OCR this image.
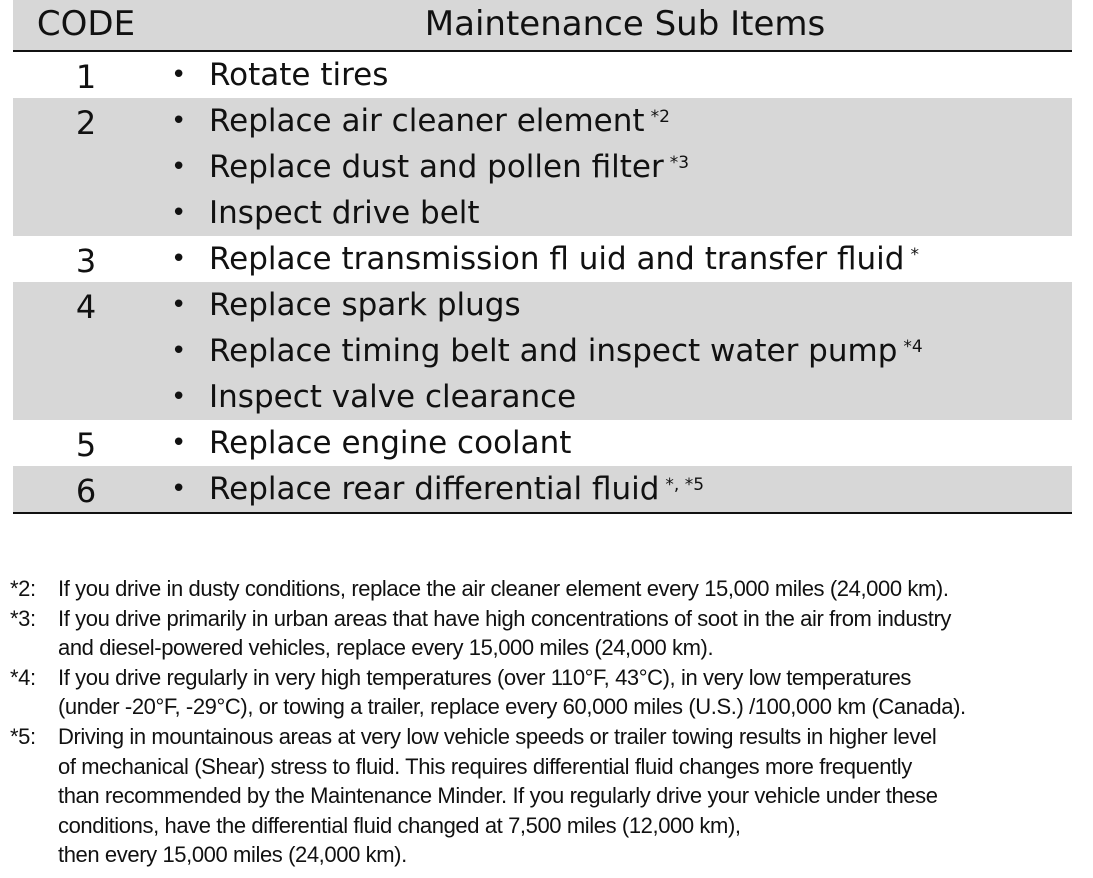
CODE	Maintenance Sub Items
1	• Rotate tires
2	• Replace air cleaner element $^{*2}$
• Replace dust and pollen filter $^{*3}$
• Inspect drive belt
3	• Replace transmission fl uid and transfer fluid *
4	• Replace spark plugs
• Replace timing belt and inspect water pump $^{*4}$
• Inspect valve clearance
5	• Replace engine coolant
6	• Replace rear differential fluid $^{*, *5}$
*2: If you drive in dusty conditions, replace the air cleaner element every 15,000 miles (24,000 km).

*3: If you drive primarily in urban areas that have high concentrations of soot in the air from industry

and diesel-powered vehicles, replace every 15,000 miles (24,000 km).

*4: If you drive regularly in very high temperatures (over 110°F, 43°C), in very low temperatures

(under -20°F, -29°C), or towing a trailer, replace every 60,000 miles (U.S.) /100,000 km (Canada).

*5: Driving in mountainous areas at very low vehicle speeds or trailer towing results in higher level

of mechanical (Shear) stress to fluid. This requires differential fluid changes more frequently

than recommended by the Maintenance Minder. If you regularly drive your vehicle under these

conditions, have the differential fluid changed at 7,500 miles (12,000 km),

then every 15,000 miles (24,000 km).
